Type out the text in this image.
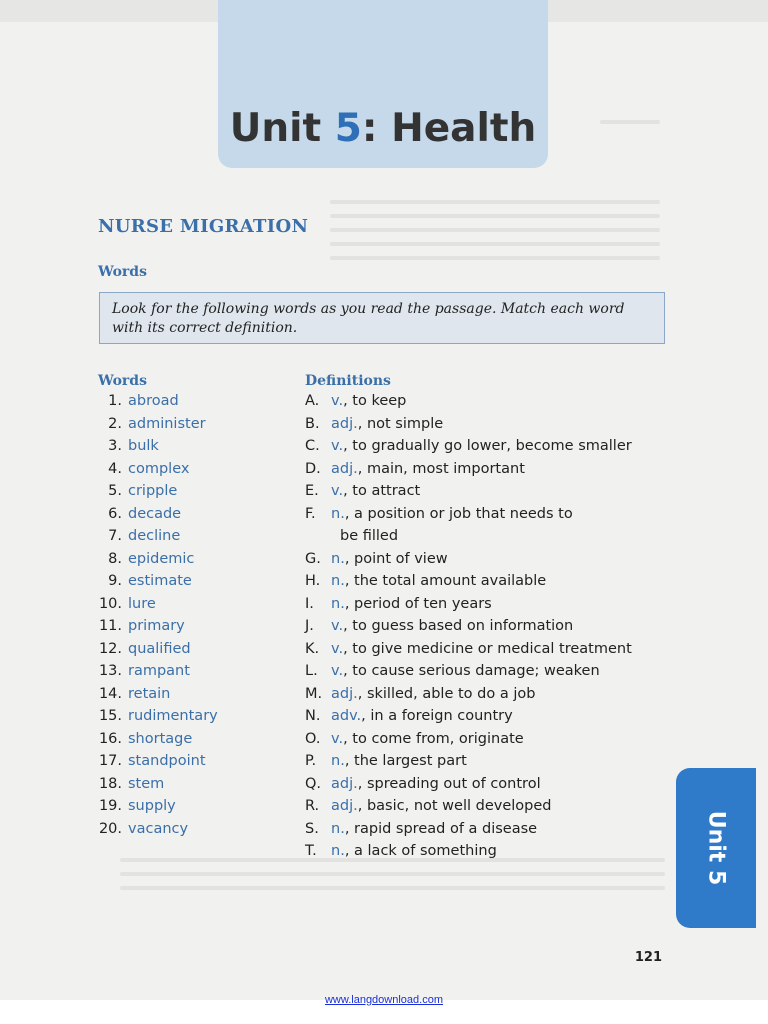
Unit 5: Health
NURSE MIGRATION
Words
Look for the following words as you read the passage. Match each word with its correct definition.
Words	Definitions
1. abroad
2. administer
3. bulk
4. complex
5. cripple
6. decade
7. decline
8. epidemic
9. estimate
10. lure
11. primary
12. qualified
13. rampant
14. retain
15. rudimentary
16. shortage
17. standpoint
18. stem
19. supply
20. vacancy
A. v., to keep
B. adj., not simple
C. v., to gradually go lower, become smaller
D. adj., main, most important
E. v., to attract
F. n., a position or job that needs to
be filled
G. n., point of view
H. n., the total amount available
I. n., period of ten years
J. v., to guess based on information
K. v., to give medicine or medical treatment
L. v., to cause serious damage; weaken
M. adj., skilled, able to do a job
N. adv., in a foreign country
O. v., to come from, originate
P. n., the largest part
Q. adj., spreading out of control
R. adj., basic, not well developed
S. n., rapid spread of a disease
T. n., a lack of something	Unit 5
121
www.langdownload.com
